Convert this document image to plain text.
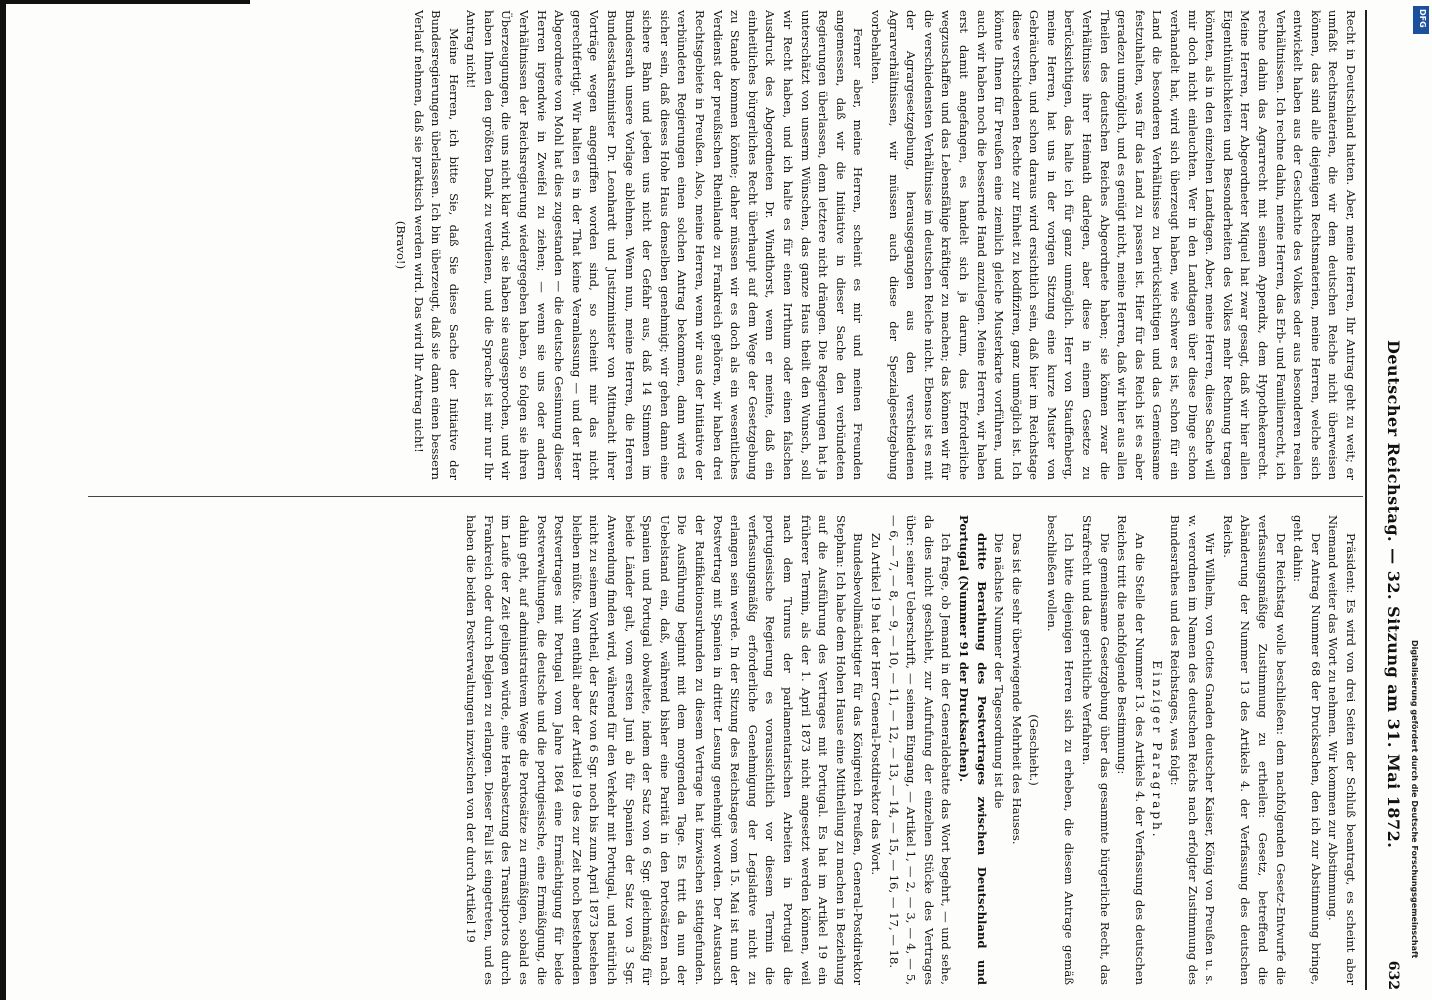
Deutscher Reichstag. — 32. Sitzung am 31. Mai 1872.
632

Recht in Deutschland hatten. Aber, meine Herren, Ihr Antrag geht zu weit; er umfaßt Rechtsmaterien, die wir dem deutschen Reiche nicht überweisen können, das sind alle diejenigen Rechtsmaterien, meine Herren, welche sich entwickelt haben aus der Geschichte des Volkes oder aus besonderen realen Verhältnissen. Ich rechne dahin, meine Herren, das Erb- und Familienrecht, ich rechne dahin das Agrarrecht mit seinem Appendix, dem Hypothekenrecht. Meine Herren, Herr Abgeordneter Miquel hat zwar gesagt, daß wir hier allen Eigenthümlichkeiten und Besonderheiten des Volkes mehr Rechnung tragen könnten, als in den einzelnen Landtagen. Aber, meine Herren, diese Sache will mir doch nicht einleuchten. Wer in den Landtagen über diese Dinge schon verhandelt hat, wird sich überzeugt haben, wie schwer es ist, schon für ein Land die besonderen Verhältnisse zu berücksichtigen und das Gemeinsame festzuhalten, was für das Land zu passen ist. Hier für das Reich ist es aber geradezu unmöglich, und es genügt nicht, meine Herren, daß wir hier aus allen Theilen des deutschen Reiches Abgeordnete haben; sie können zwar die Verhältnisse ihrer Heimath darlegen, aber diese in einem Gesetze zu berücksichtigen, das halte ich für ganz unmöglich. Herr von Stauffenberg, meine Herren, hat uns in der vorigen Sitzung eine kurze Muster von Gebräuchen, und schon daraus wird ersichtlich sein, daß hier im Reichstage diese verschiedenen Rechte zur Einheit zu kodifiziren, ganz unmöglich ist. Ich könnte Ihnen für Preußen eine ziemlich gleiche Musterkarte vorführen, und auch wir haben noch die bessernde Hand anzulegen. Meine Herren, wir haben erst damit angefangen, es handelt sich ja darum, das Erforderliche wegzuschaffen und das Lebensfähige kräftiger zu machen; das können wir für die verschiedensten Verhältnisse im deutschen Reiche nicht. Ebenso ist es mit der Agrargesetzgebung, herausgegangen aus den verschiedenen Agrarverhältnissen, wir müssen auch diese der Spezialgesetzgebung vorbehalten.

Ferner aber, meine Herren, scheint es mir und meinen Freunden angemessen, daß wir die Initiative in dieser Sache den verbündeten Regierungen überlassen, denn letztere nicht drängen. Die Regierungen hat ja unterschätzt von unserm Wünschen, das ganze Haus theilt den Wunsch, soll wir Recht haben, und ich halte es für einen Irrthum oder einen falschen Ausdruck des Abgeordneten Dr. Windthorst, wenn er meinte, daß ein einheitliches bürgerliches Recht überhaupt auf dem Wege der Gesetzgebung zu Stande kommen könnte; daher müssen wir es doch als ein wesentliches Verdienst der preußischen Rheinlande zu Frankreich gehören, wir haben drei Rechtsgebiete in Preußen. Also, meine Herren, wenn wir aus der Initiative der verbündeten Regierungen einen solchen Antrag bekommen, dann wird es sicher sein, daß dieses Hohe Haus denselben genehmigt; wir gehen dann eine sichere Bahn und jeden uns nicht der Gefahr aus, daß 14 Stimmen im Bundesrath unsere Vorlage ablehnen. Wenn nun, meine Herren, die Herren Bundesstaatsminister Dr. Leonhardt und Justizminister von Mittnacht ihrer Vorträge wegen angegriffen worden sind, so scheint mir das nicht gerechtfertigt. Wir halten es in der That keine Veranlassung — und der Herr Abgeordnete von Mohl hat dies zugestanden — die deutsche Gesinnung dieser Herren irgendwie in Zweifel zu ziehen; — wenn sie uns oder andern Verhältnissen der Reichsregierung wiedergegeben haben, so folgen sie ihren Überzeugungen, die uns nicht klar wird, sie haben sie ausgesprochen, und wir haben Ihnen den größten Dank zu verdienen, und die Sprache ist mir nur Ihr Antrag nicht!

Meine Herren, ich bitte Sie, daß Sie diese Sache der Initiative der Bundesregierungen überlassen. Ich bin überzeugt, daß sie dann einen bessern Verlauf nehmen, daß sie praktisch werden wird. Das wird Ihr Antrag nicht!

(Bravo!)

Präsident: Es wird von drei Seiten der Schluß beantragt, es scheint aber Niemand weiter das Wort zu nehmen. Wir kommen zur Abstimmung.

Der Antrag Nummer 68 der Drucksachen, den ich zur Abstimmung bringe, geht dahin:

Der Reichstag wolle beschließen: dem nachfolgenden Gesetz-Entwurfe die verfassungsmäßige Zustimmung zu ertheilen: Gesetz, betreffend die Abänderung der Nummer 13 des Artikels 4. der Verfassung des deutschen Reichs.

Wir Wilhelm, von Gottes Gnaden deutscher Kaiser, König von Preußen u. s. w. verordnen im Namen des deutschen Reichs nach erfolgter Zustimmung des Bundesrathes und des Reichstages, was folgt:

Einziger Paragraph.

An die Stelle der Nummer 13. des Artikels 4. der Verfassung des deutschen Reiches tritt die nachfolgende Bestimmung:

Die gemeinsame Gesetzgebung über das gesammte bürgerliche Recht, das Strafrecht und das gerichtliche Verfahren.

Ich bitte diejenigen Herren sich zu erheben, die diesem Antrage gemäß beschließen wollen.

(Geschieht.)

Das ist die sehr überwiegende Mehrheit des Hauses.

Die nächste Nummer der Tagesordnung ist die

dritte Berathung des Postvertrages zwischen Deutschland und Portugal (Nummer 91 der Drucksachen).

Ich frage, ob Jemand in der Generaldebatte das Wort begehrt, — und sehe, da dies nicht geschieht, zur Aufrufung der einzelnen Stücke des Vertrages über: seiner Ueberschrift, — seinem Eingang, — Artikel 1, — 2, — 3, — 4, — 5, — 6, — 7, — 8, — 9, — 10, — 11, — 12, — 13, — 14, — 15, — 16, — 17, — 18.

Zu Artikel 19 hat der Herr General-Postdirektor das Wort.

Bundesbevollmächtigter für das Königreich Preußen, General-Postdirektor Stephan: Ich habe dem Hohen Hause eine Mittheilung zu machen in Beziehung auf die Ausführung des Vertrages mit Portugal. Es hat im Artikel 19 ein früherer Termin, als der 1. April 1873 nicht angesetzt werden können, weil nach dem Turnus der parlamentarischen Arbeiten in Portugal die portugiesische Regierung es voraussichtlich vor diesem Termin die verfassungsmäßig erforderliche Genehmigung der Legislative nicht zu erlangen sein werde. In der Sitzung des Reichstages vom 15. Mai ist nun der Postvertrag mit Spanien in dritter Lesung genehmigt worden. Der Austausch der Ratifikationsurkunden zu diesem Vertrage hat inzwischen stattgefunden. Die Ausführung beginnt mit dem morgenden Tage. Es tritt da nun der Uebelstand ein, daß, während bisher eine Parität in den Portosätzen nach Spanien und Portugal obwaltete, indem der Satz von 6 Sgr. gleichmäßig für beide Länder galt, vom ersten Juni ab für Spanien der Satz von 3 Sgr. Anwendung finden wird, während für den Verkehr mit Portugal, und natürlich nicht zu seinem Vortheil, der Satz von 6 Sgr. noch bis zum April 1873 bestehen bleiben müßte. Nun enthält aber der Artikel 19 des zur Zeit noch bestehenden Postvertrages mit Portugal vom Jahre 1864 eine Ermächtigung für beide Postverwaltungen, die deutsche und die portugiesische, eine Ermäßigung, die dahin geht, auf administrativem Wege die Portosätze zu ermäßigen, sobald es im Laufe der Zeit gelingen würde, eine Herabsetzung des Transitportos durch Frankreich oder durch Belgien zu erlangen. Dieser Fall ist eingetreten, und es haben die beiden Postverwaltungen inzwischen von der durch Artikel 19

DFG
Digitalisierung gefördert durch die Deutsche Forschungsgemeinschaft
